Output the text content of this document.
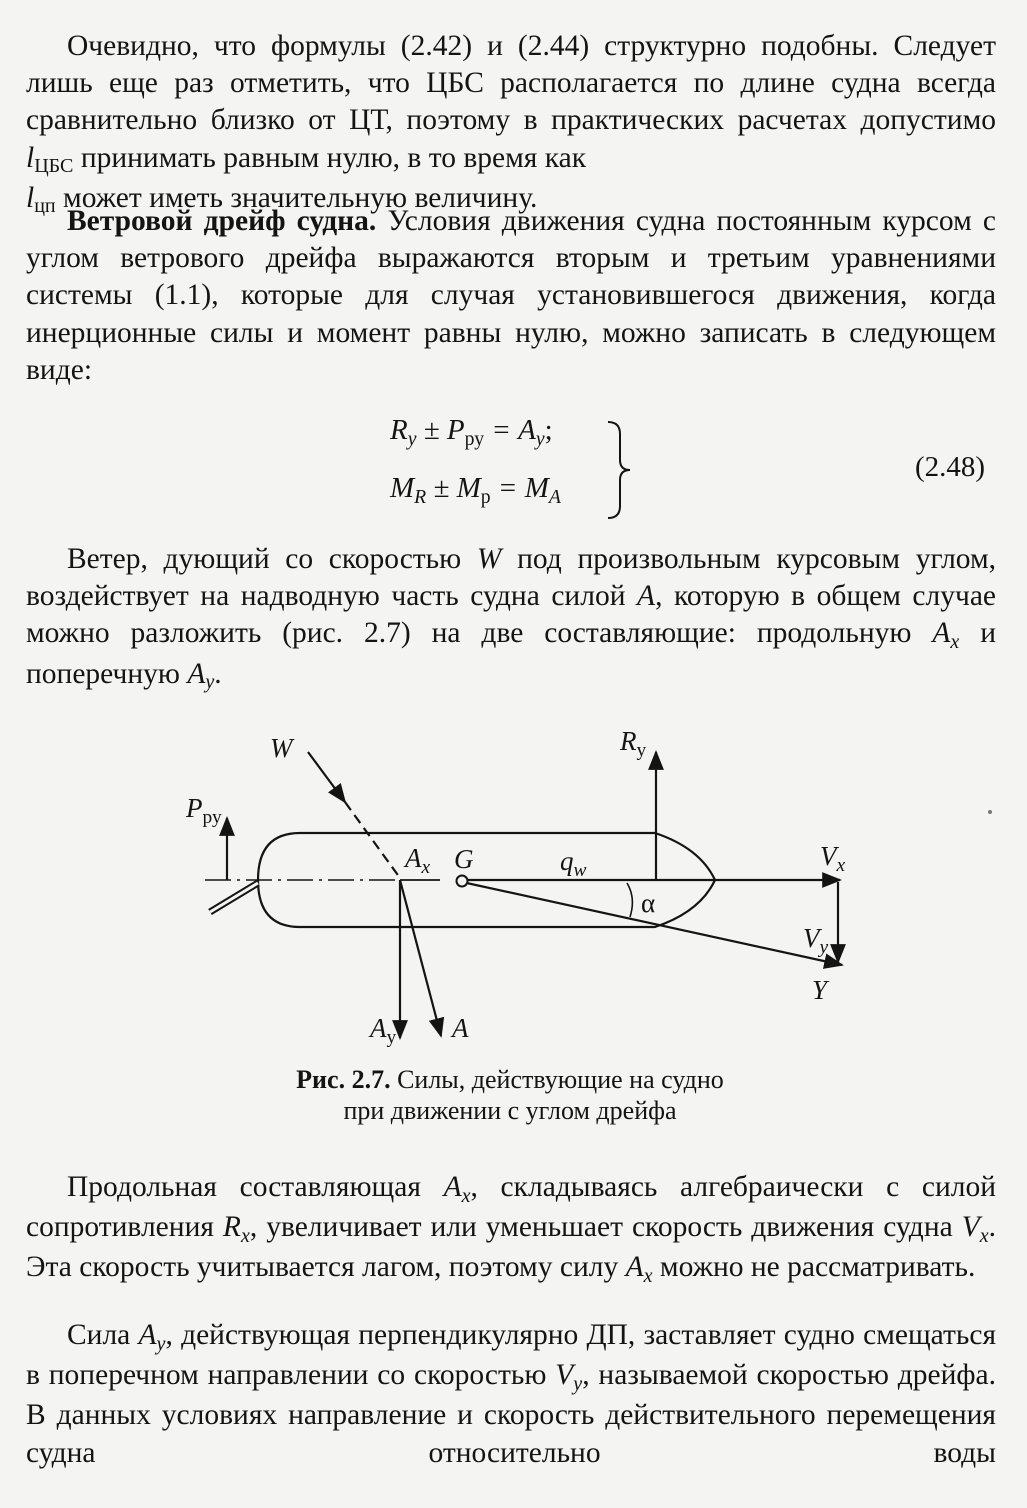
Очевидно, что формулы (2.42) и (2.44) структурно подобны. Следует лишь еще раз отметить, что ЦБС располагается по длине судна всегда сравнительно близко от ЦТ, поэтому в практических расчетах допустимо lЦБС принимать равным нулю, в то время как
lцп может иметь значительную величину.

Ветровой дрейф судна. Условия движения судна постоянным курсом с углом ветрового дрейфа выражаются вторым и третьим уравнениями системы (1.1), которые для случая установившегося движения, когда инерционные силы и момент равны нулю, можно записать в следующем виде:

Ry ± Pру = Ay;
MR ± Mр = MA
(2.48)

Ветер, дующий со скоростью W под произвольным курсовым углом, воздействует на надводную часть судна силой A, которую в общем случае можно разложить (рис. 2.7) на две составляющие: продольную Ax и поперечную Ay.

W
$P_{ру}$
$R_y$
$A_x$ G	$q_w$	$V_x$
α
$V_y$
Y
$A_y$ A
Рис. 2.7. Силы, действующие на судно
при движении с углом дрейфа

Продольная составляющая Ax, складываясь алгебраически с силой сопротивления Rx, увеличивает или уменьшает скорость движения судна Vx. Эта скорость учитывается лагом, поэтому силу Ax можно не рассматривать.

Сила Ay, действующая перпендикулярно ДП, заставляет судно смещаться в поперечном направлении со скоростью Vy, называемой скоростью дрейфа. В данных условиях направление и скорость действительного перемещения судна относительно воды
